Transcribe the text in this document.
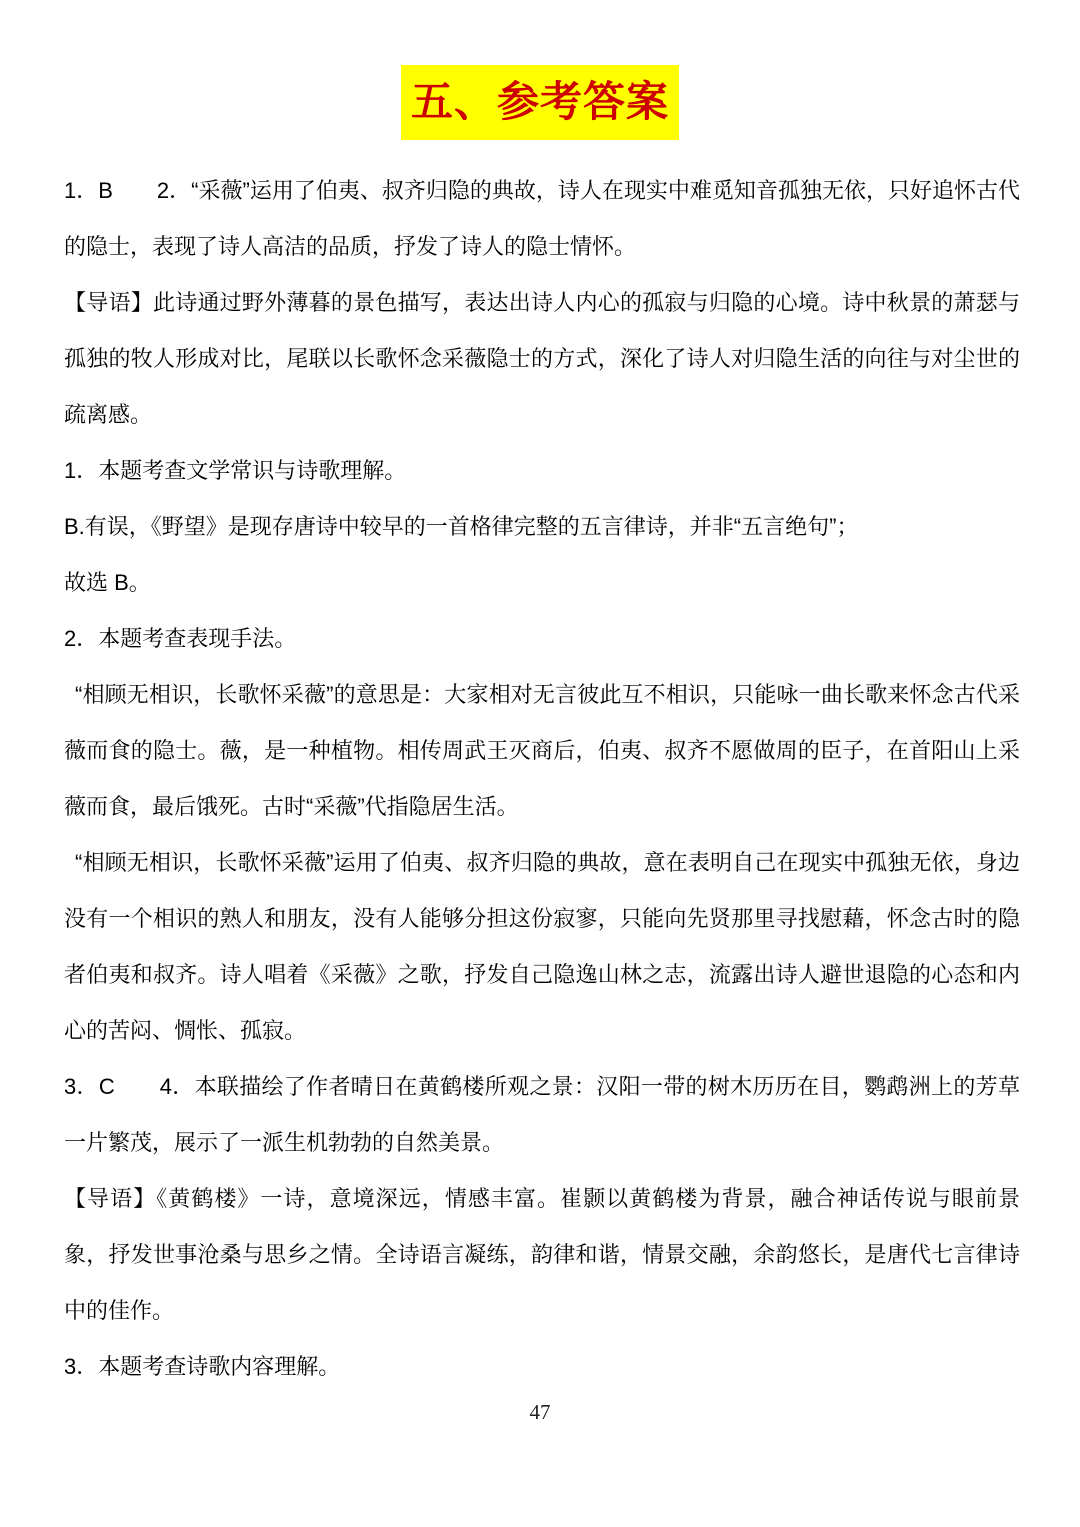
五、参考答案

1．B　　2．“采薇”运用了伯夷、叔齐归隐的典故，诗人在现实中难觅知音孤独无依，只好追怀古代的隐士，表现了诗人高洁的品质，抒发了诗人的隐士情怀。

【导语】此诗通过野外薄暮的景色描写，表达出诗人内心的孤寂与归隐的心境。诗中秋景的萧瑟与孤独的牧人形成对比，尾联以长歌怀念采薇隐士的方式，深化了诗人对归隐生活的向往与对尘世的疏离感。

1．本题考查文学常识与诗歌理解。

B.有误，《野望》是现存唐诗中较早的一首格律完整的五言律诗，并非“五言绝句”；

故选 B。

2．本题考查表现手法。

“相顾无相识，长歌怀采薇”的意思是：大家相对无言彼此互不相识，只能咏一曲长歌来怀念古代采薇而食的隐士。薇，是一种植物。相传周武王灭商后，伯夷、叔齐不愿做周的臣子，在首阳山上采薇而食，最后饿死。古时“采薇”代指隐居生活。

“相顾无相识，长歌怀采薇”运用了伯夷、叔齐归隐的典故，意在表明自己在现实中孤独无依，身边没有一个相识的熟人和朋友，没有人能够分担这份寂寥，只能向先贤那里寻找慰藉，怀念古时的隐者伯夷和叔齐。诗人唱着《采薇》之歌，抒发自己隐逸山林之志，流露出诗人避世退隐的心态和内心的苦闷、惆怅、孤寂。

3．C　　4．本联描绘了作者晴日在黄鹤楼所观之景：汉阳一带的树木历历在目，鹦鹉洲上的芳草一片繁茂，展示了一派生机勃勃的自然美景。

【导语】《黄鹤楼》一诗，意境深远，情感丰富。崔颢以黄鹤楼为背景，融合神话传说与眼前景象，抒发世事沧桑与思乡之情。全诗语言凝练，韵律和谐，情景交融，余韵悠长，是唐代七言律诗中的佳作。

3．本题考查诗歌内容理解。

47
